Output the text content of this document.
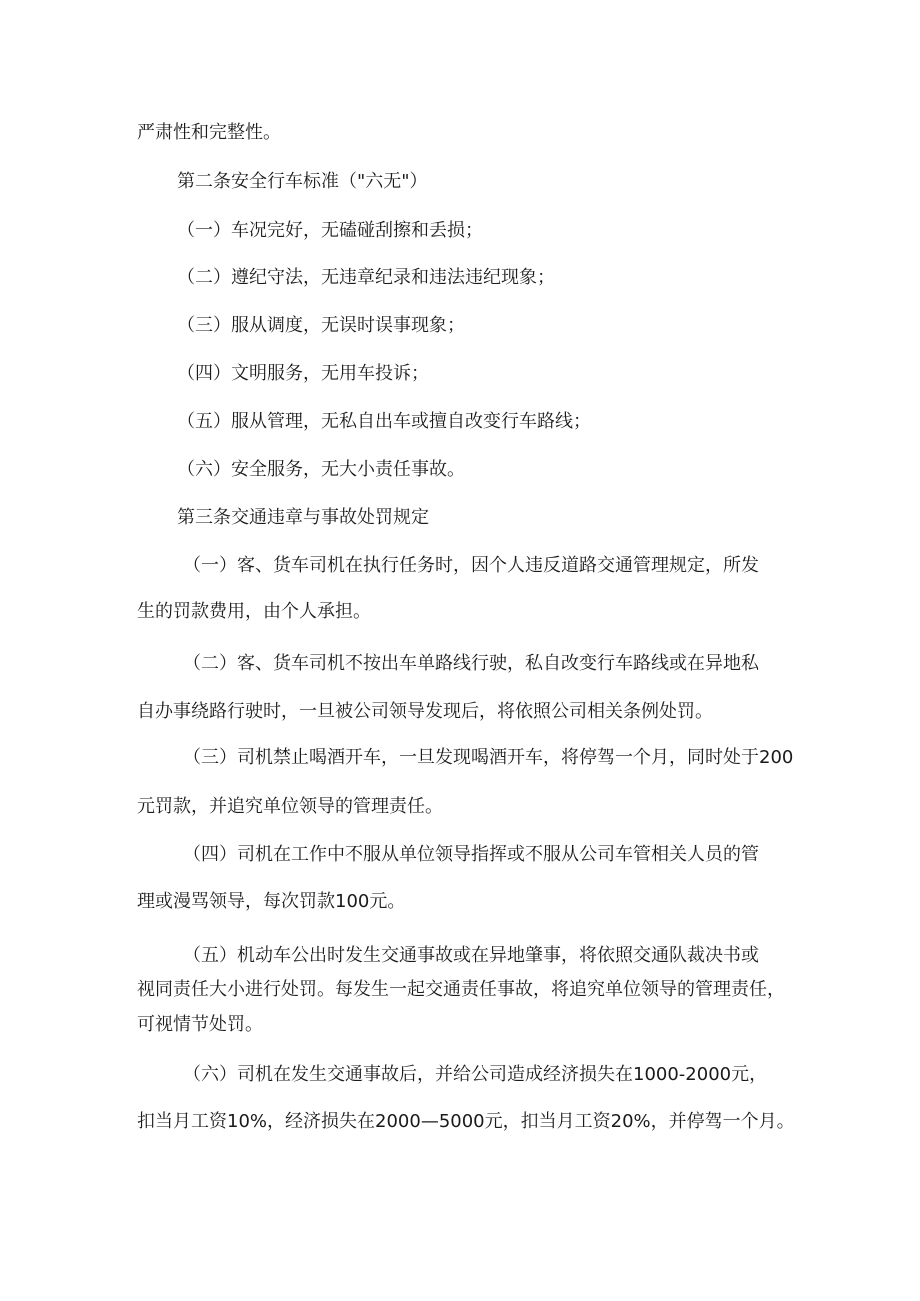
严肃性和完整性。

第二条安全行车标准（"六无"）

（一）车况完好，无磕碰刮擦和丢损；

（二）遵纪守法，无违章纪录和违法违纪现象；

（三）服从调度，无误时误事现象；

（四）文明服务，无用车投诉；

（五）服从管理，无私自出车或擅自改变行车路线；

（六）安全服务，无大小责任事故。

第三条交通违章与事故处罚规定

（一）客、货车司机在执行任务时，因个人违反道路交通管理规定，所发

生的罚款费用，由个人承担。

（二）客、货车司机不按出车单路线行驶，私自改变行车路线或在异地私

自办事绕路行驶时，一旦被公司领导发现后，将依照公司相关条例处罚。

（三）司机禁止喝酒开车，一旦发现喝酒开车，将停驾一个月，同时处于200

元罚款，并追究单位领导的管理责任。

（四）司机在工作中不服从单位领导指挥或不服从公司车管相关人员的管

理或漫骂领导，每次罚款100元。

（五）机动车公出时发生交通事故或在异地肇事，将依照交通队裁决书或

视同责任大小进行处罚。每发生一起交通责任事故，将追究单位领导的管理责任，

可视情节处罚。

（六）司机在发生交通事故后，并给公司造成经济损失在1000-2000元，

扣当月工资10%，经济损失在2000—5000元，扣当月工资20%，并停驾一个月。
